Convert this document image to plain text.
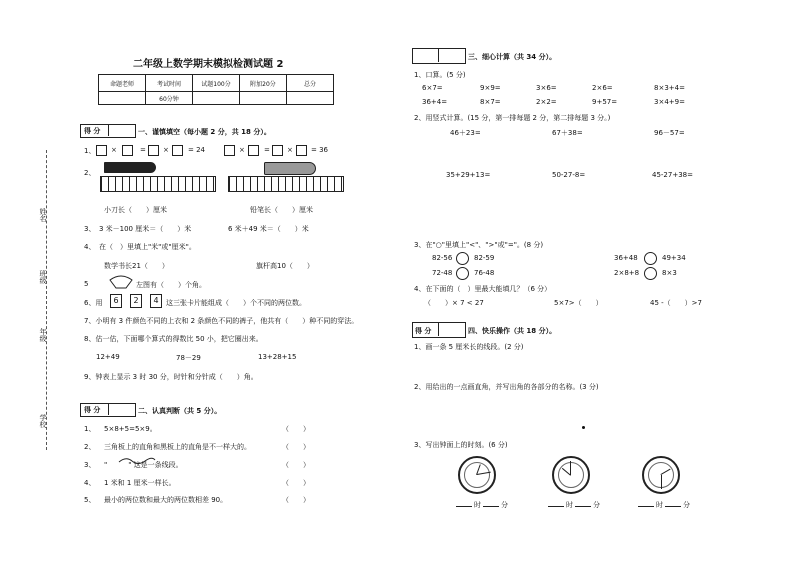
姓名
班级
年级
学校
二年级上数学期末模拟检测试题 2
命题老师	考试时间	试题100分	附加20分	总分
	60分钟			
得 分	一、谨慎填空（每小题 2 分，共 18 分）。
1、 ×	= ×	= 24	×	= ×	= 36
2、
小刀长（　　）厘米	铅笔长（　　）厘米
3、　3 米－100 厘米＝（　　）米	6 米＋49 米＝（　　）米
4、　在（　）里填上"米"或"厘米"。
数学书长21（　　）	旗杆高10（　　）
5	左图有（　　）个角。
6、用	6	2	4	这三张卡片能组成（　　）个不同的两位数。
7、小明有 3 件颜色不同的上衣和 2 条颜色不同的裤子，他共有（　　）种不同的穿法。
8、估一估，下面哪个算式的得数比 50 小，把它圈出来。
12+49	78－29	13+28+15
9、钟表上显示 3 时 30 分，时针和分针成（　　）角。
得 分	二、认真判断（共 5 分）。
1、 5×8+5=5×9。	（　　）
2、 三角板上的直角和黑板上的直角是不一样大的。	（　　）
3、 "　　　" 这是一条线段。	（　　）
4、 1 米和 1 厘米一样长。	（　　）
5、 最小的两位数和最大的两位数相差 90。	（　　）
三、细心计算（共 34 分）。
1、口算。(5 分)
6×7=	9×9=	3×6=	2×6=	8×3+4=
36+4=	8×7=	2×2=	9+57=	3×4+9=
2、用竖式计算。(15 分，第一排每题 2 分，第二排每题 3 分。)
46＋23=	67＋38=	96－57=
35+29+13=	50-27-8=	45-27+38=
3、在"○"里填上"<"、">"或"="。(8 分)
82-56	82-59	36+48	49+34
72-48	76-48	2×8+8	8×3
4、在下面的（　）里最大能填几？（6 分）
（　　）× 7 < 27	5×7>（　　）	45 -（　　）>7
得 分	四、快乐操作（共 18 分）。
1、画一条 5 厘米长的线段。(2 分)
2、用给出的一点画直角，并写出角的各部分的名称。(3 分)
3、写出钟面上的时刻。(6 分)
时	分	时	分	时	分
